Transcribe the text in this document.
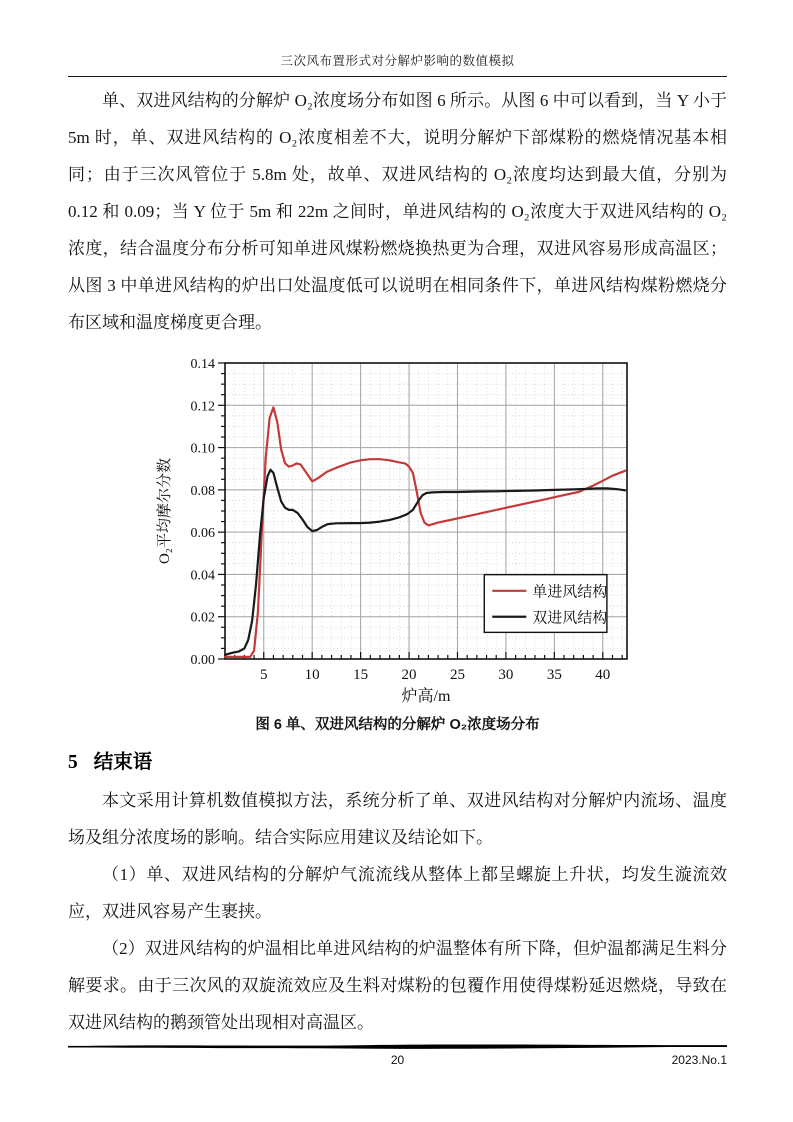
三次风布置形式对分解炉影响的数值模拟

单、双进风结构的分解炉 O₂浓度场分布如图 6 所示。从图 6 中可以看到，当 Y 小于 5m 时，单、双进风结构的 O₂浓度相差不大，说明分解炉下部煤粉的燃烧情况基本相同；由于三次风管位于 5.8m 处，故单、双进风结构的 O₂浓度均达到最大值，分别为 0.12 和 0.09；当 Y 位于 5m 和 22m 之间时，单进风结构的 O₂浓度大于双进风结构的 O₂浓度，结合温度分布分析可知单进风煤粉燃烧换热更为合理，双进风容易形成高温区；从图 3 中单进风结构的炉出口处温度低可以说明在相同条件下，单进风结构煤粉燃烧分布区域和温度梯度更合理。

5 10 15 20 25 30 35 40
0.00
0.02
0.04
0.06
0.08
0.10
0.12
0.14
炉高/m
O₂平均摩尔分数
单进风结构
双进风结构
图 6 单、双进风结构的分解炉 O₂浓度场分布
5 结束语

本文采用计算机数值模拟方法，系统分析了单、双进风结构对分解炉内流场、温度场及组分浓度场的影响。结合实际应用建议及结论如下。

（1）单、双进风结构的分解炉气流流线从整体上都呈螺旋上升状，均发生漩流效应，双进风容易产生裹挟。

（2）双进风结构的炉温相比单进风结构的炉温整体有所下降，但炉温都满足生料分解要求。由于三次风的双旋流效应及生料对煤粉的包覆作用使得煤粉延迟燃烧，导致在双进风结构的鹅颈管处出现相对高温区。

20	2023.No.1
